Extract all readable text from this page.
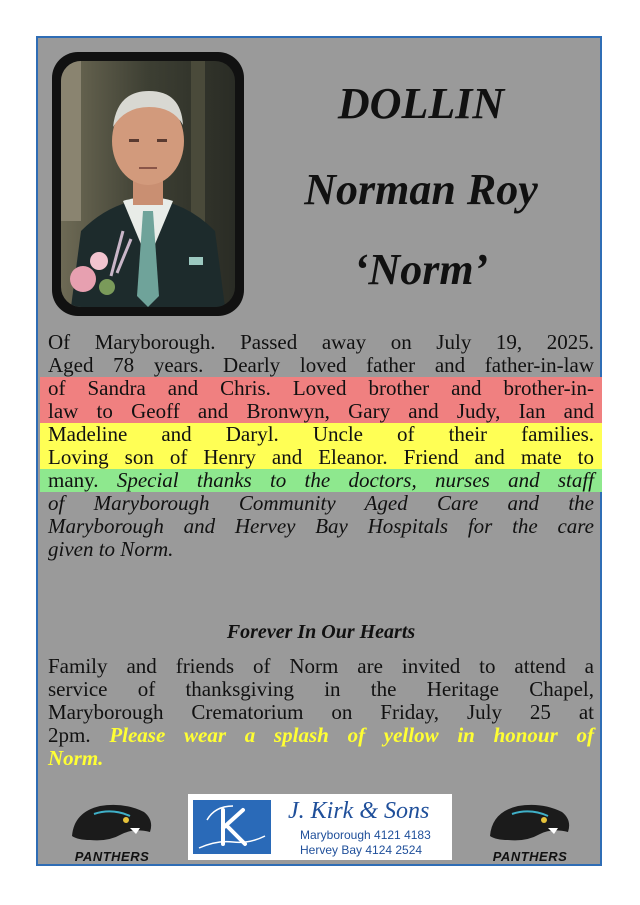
DOLLIN
Norman Roy
‘Norm’
Of Maryborough. Passed away on July 19, 2025.
Aged 78 years. Dearly loved father and father-in-law
of Sandra and Chris. Loved brother and brother-in-
law to Geoff and Bronwyn, Gary and Judy, Ian and
Madeline and Daryl. Uncle of their families.
Loving son of Henry and Eleanor. Friend and mate to
many. Special thanks to the doctors, nurses and staff
of Maryborough Community Aged Care and the
Maryborough and Hervey Bay Hospitals for the care
given to Norm.
Forever In Our Hearts
Family and friends of Norm are invited to attend a
service of thanksgiving in the Heritage Chapel,
Maryborough Crematorium on Friday, July 25 at
2pm. Please wear a splash of yellow in honour of
Norm.
PANTHERS
J. Kirk & Sons
Maryborough 4121 4183
Hervey Bay 4124 2524	PANTHERS
